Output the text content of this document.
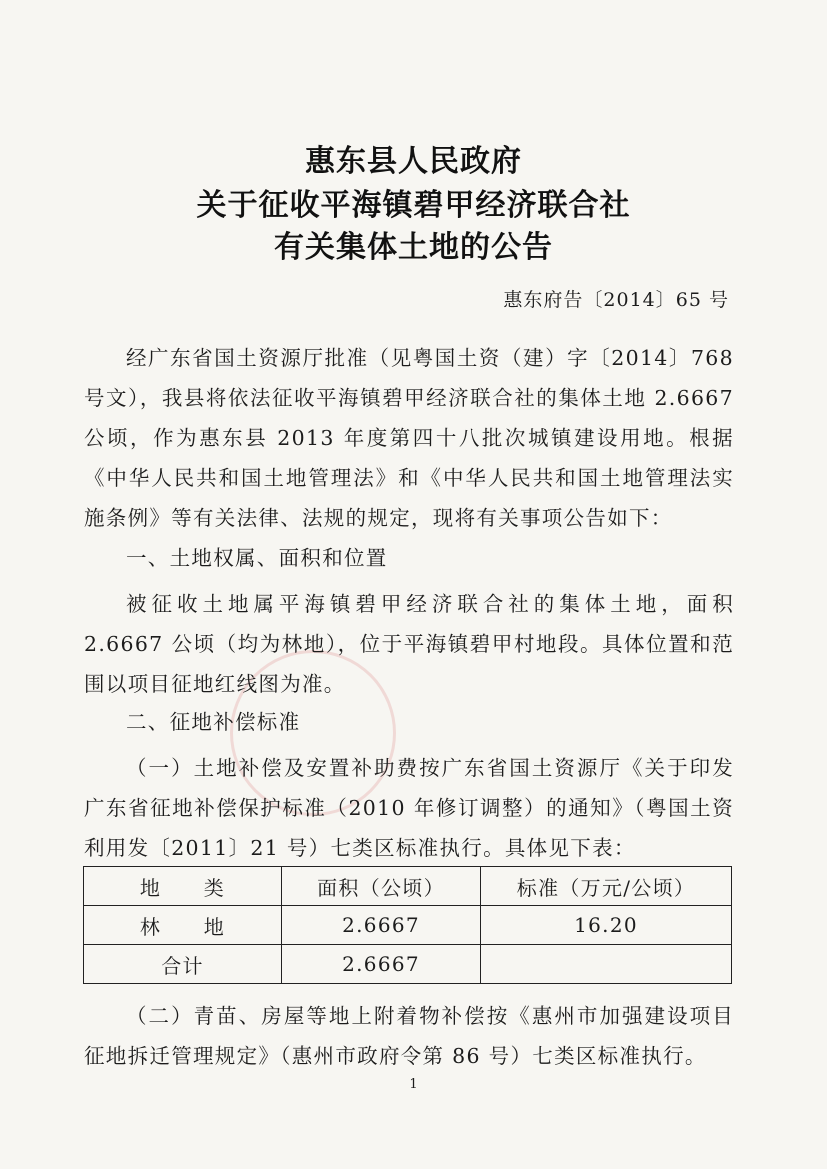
惠东县人民政府
关于征收平海镇碧甲经济联合社
有关集体土地的公告
惠东府告〔2014〕65 号

经广东省国土资源厅批准（见粤国土资（建）字〔2014〕768 号文），我县将依法征收平海镇碧甲经济联合社的集体土地 2.6667 公顷，作为惠东县 2013 年度第四十八批次城镇建设用地。根据《中华人民共和国土地管理法》和《中华人民共和国土地管理法实施条例》等有关法律、法规的规定，现将有关事项公告如下：

一、土地权属、面积和位置

被征收土地属平海镇碧甲经济联合社的集体土地，面积 2.6667 公顷（均为林地），位于平海镇碧甲村地段。具体位置和范围以项目征地红线图为准。

二、征地补偿标准

（一）土地补偿及安置补助费按广东省国土资源厅《关于印发广东省征地补偿保护标准（2010 年修订调整）的通知》（粤国土资利用发〔2011〕21 号）七类区标准执行。具体见下表：

地　　类	面积（公顷）	标准（万元/公顷）
林　　地	2.6667	16.20
合计	2.6667	

（二）青苗、房屋等地上附着物补偿按《惠州市加强建设项目征地拆迁管理规定》（惠州市政府令第 86 号）七类区标准执行。

1
